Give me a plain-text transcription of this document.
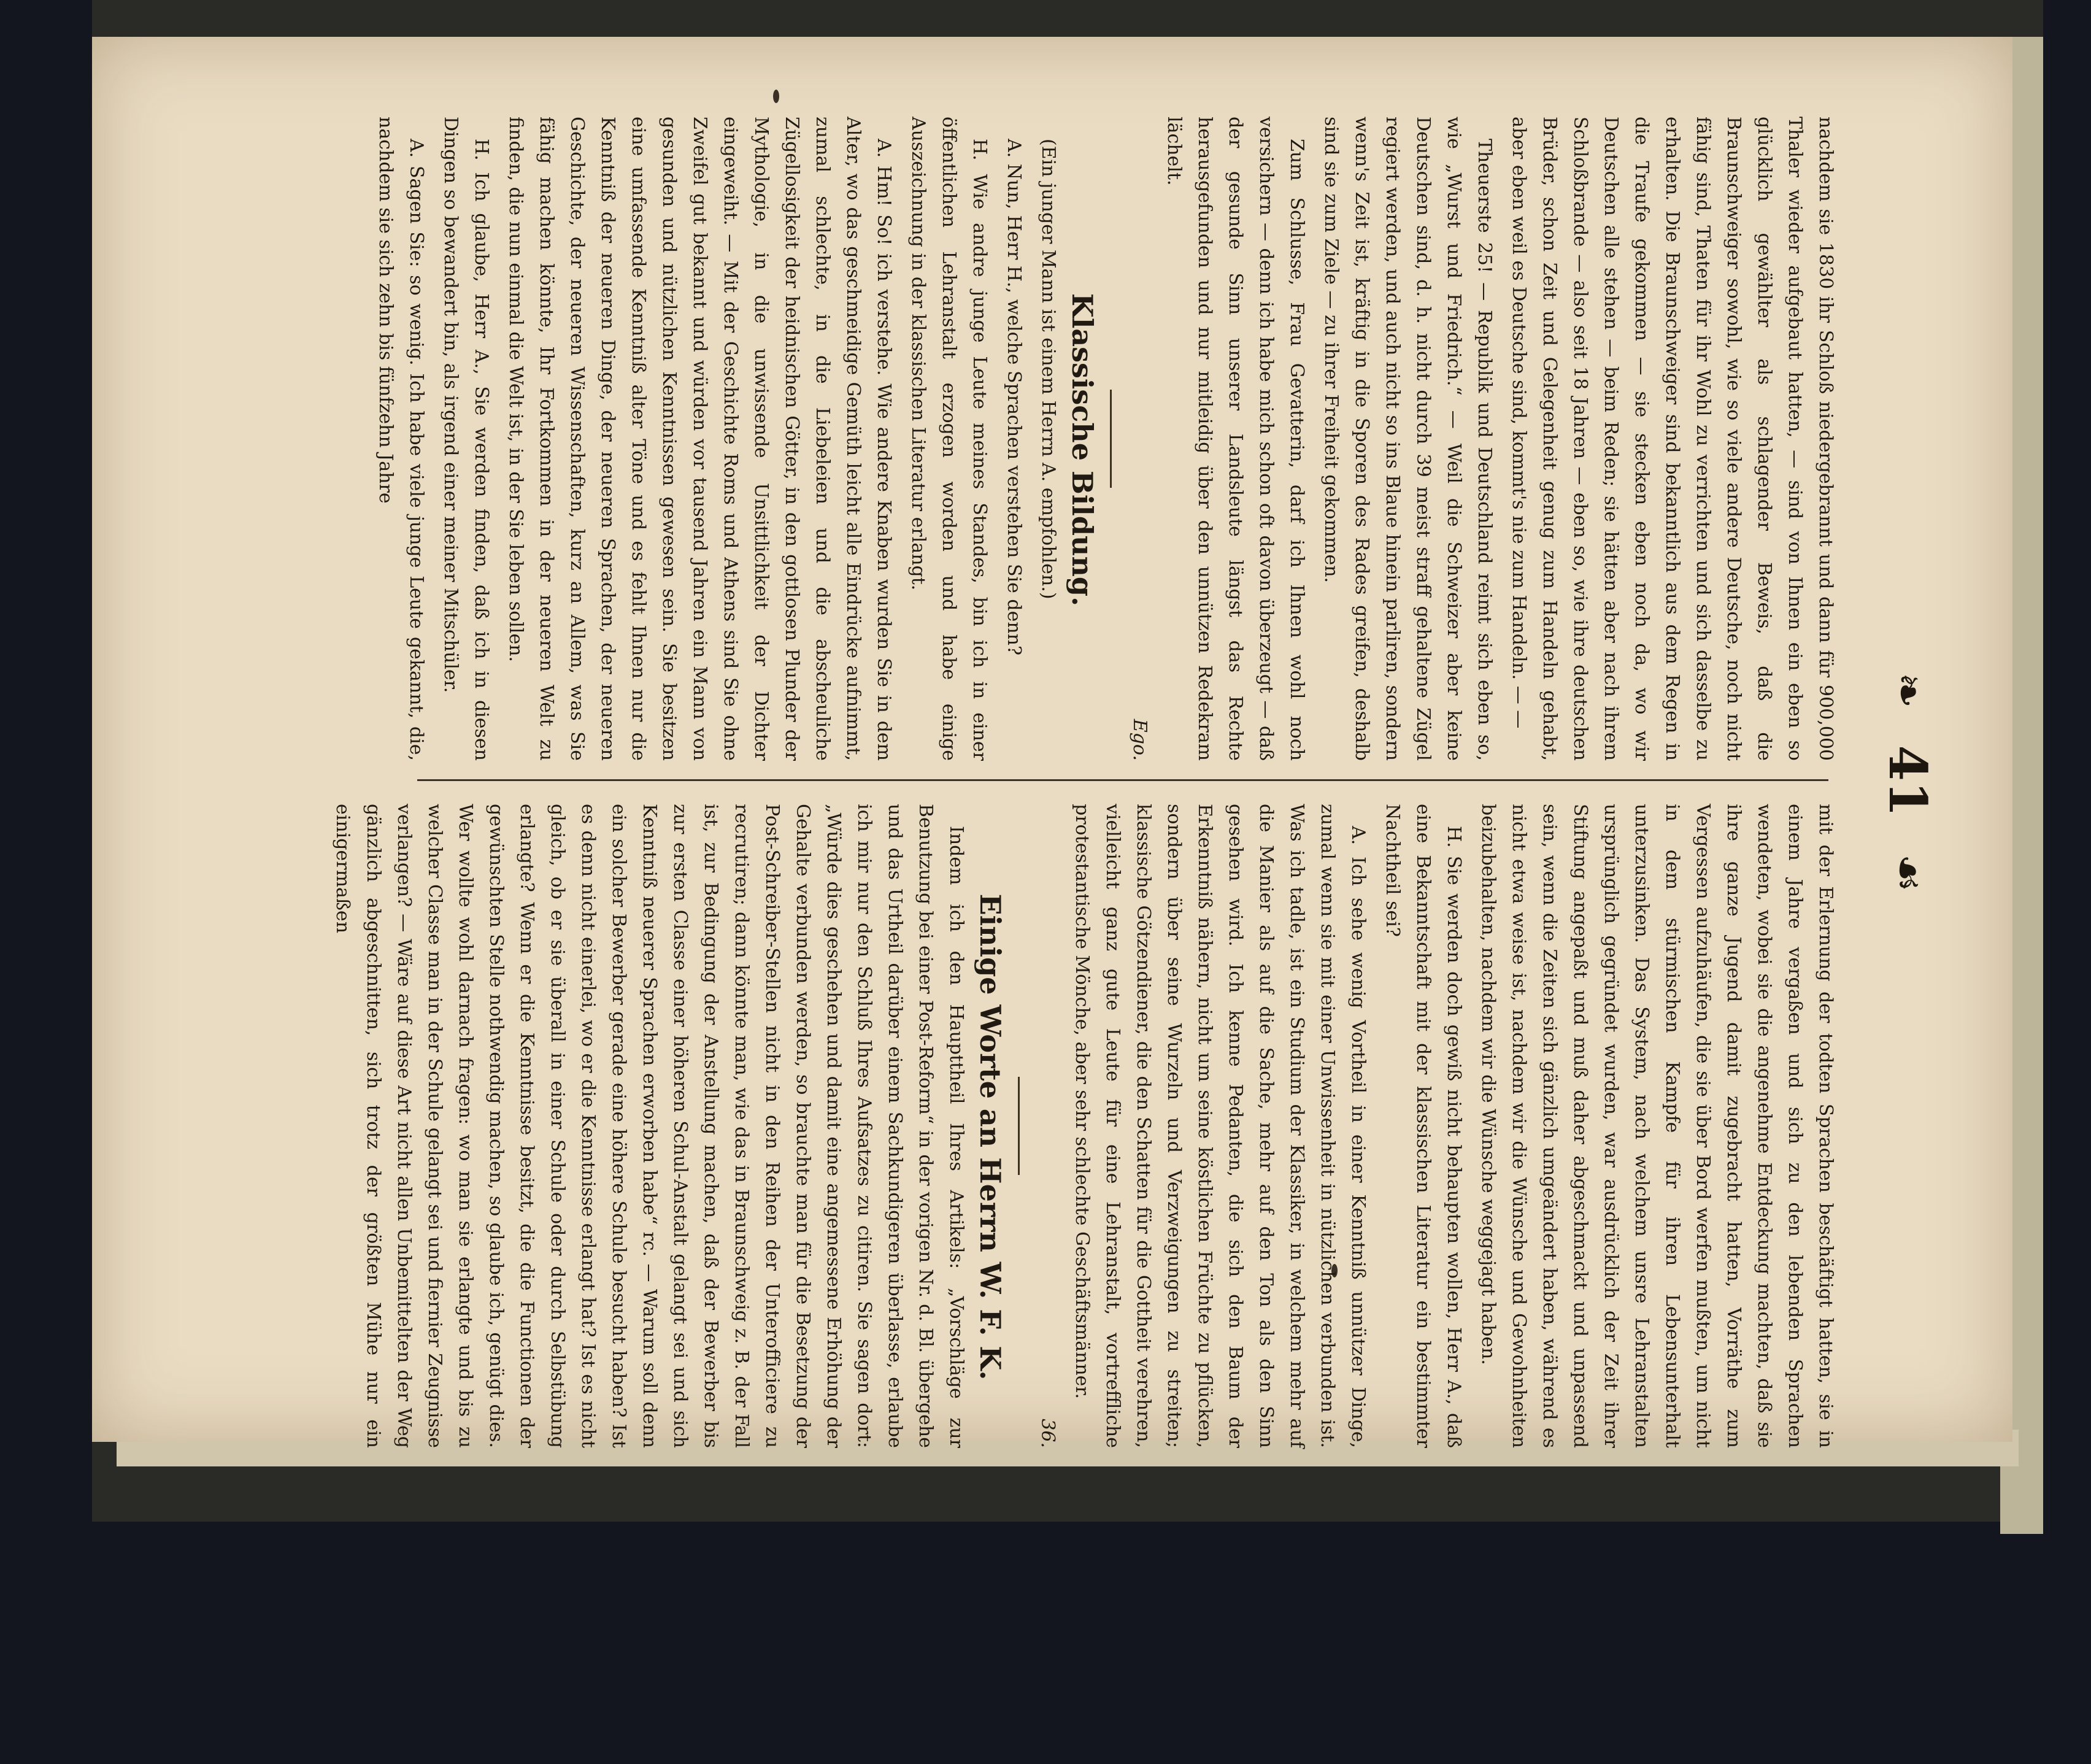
❧
41
☙

nachdem sie 1830 ihr Schloß niedergebrannt und dann für 900,000 Thaler wieder aufgebaut hatten, — sind von Ihnen ein eben so glücklich gewählter als schlagender Beweis, daß die Braunschweiger sowohl, wie so viele andere Deutsche, noch nicht fähig sind, Thaten für ihr Wohl zu verrichten und sich dasselbe zu erhalten. Die Braunschweiger sind bekanntlich aus dem Regen in die Traufe gekommen — sie stecken eben noch da, wo wir Deutschen alle stehen — beim Reden; sie hätten aber nach ihrem Schloßbrande — also seit 18 Jahren — eben so, wie ihre deutschen Brüder, schon Zeit und Gelegenheit genug zum Handeln gehabt, aber eben weil es Deutsche sind, kommt's nie zum Handeln. — —

Theuerste 25! — Republik und Deutschland reimt sich eben so, wie „Wurst und Friedrich.“ — Weil die Schweizer aber keine Deutschen sind, d. h. nicht durch 39 meist straff gehaltene Zügel regiert werden, und auch nicht so ins Blaue hinein parliren, sondern wenn's Zeit ist, kräftig in die Sporen des Rades greifen, deshalb sind sie zum Ziele — zu ihrer Freiheit gekommen.

Zum Schlusse, Frau Gevatterin, darf ich Ihnen wohl noch versichern — denn ich habe mich schon oft davon überzeugt — daß der gesunde Sinn unserer Landsleute längst das Rechte herausgefunden und nur mitleidig über den unnützen Redekram lächelt.

Ego.

Klassische Bildung.

(Ein junger Mann ist einem Herrn A. empfohlen.)

A. Nun, Herr H., welche Sprachen verstehen Sie denn?

H. Wie andre junge Leute meines Standes, bin ich in einer öffentlichen Lehranstalt erzogen worden und habe einige Auszeichnung in der klassischen Literatur erlangt.

A. Hm! So! ich verstehe. Wie andere Knaben wurden Sie in dem Alter, wo das geschmeidige Gemüth leicht alle Eindrücke aufnimmt, zumal schlechte, in die Liebeleien und die abscheuliche Zügellosigkeit der heidnischen Götter, in den gottlosen Plunder der Mythologie, in die unwissende Unsittlichkeit der Dichter eingeweiht. — Mit der Geschichte Roms und Athens sind Sie ohne Zweifel gut bekannt und würden vor tausend Jahren ein Mann von gesunden und nützlichen Kenntnissen gewesen sein. Sie besitzen eine umfassende Kenntniß alter Töne und es fehlt Ihnen nur die Kenntniß der neueren Dinge, der neueren Sprachen, der neueren Geschichte, der neueren Wissenschaften, kurz an Allem, was Sie fähig machen könnte, Ihr Fortkommen in der neueren Welt zu finden, die nun einmal die Welt ist, in der Sie leben sollen.

H. Ich glaube, Herr A., Sie werden finden, daß ich in diesen Dingen so bewandert bin, als irgend einer meiner Mitschüler.

A. Sagen Sie: so wenig. Ich habe viele junge Leute gekannt, die, nachdem sie sich zehn bis fünfzehn Jahre

mit der Erlernung der todten Sprachen beschäftigt hatten, sie in einem Jahre vergaßen und sich zu den lebenden Sprachen wendeten, wobei sie die angenehme Entdeckung machten, daß sie ihre ganze Jugend damit zugebracht hatten, Vorräthe zum Vergessen aufzuhäufen, die sie über Bord werfen mußten, um nicht in dem stürmischen Kampfe für ihren Lebensunterhalt unterzusinken. Das System, nach welchem unsre Lehranstalten ursprünglich gegründet wurden, war ausdrücklich der Zeit ihrer Stiftung angepaßt und muß daher abgeschmackt und unpassend sein, wenn die Zeiten sich gänzlich umgeändert haben, während es nicht etwa weise ist, nachdem wir die Wünsche und Gewohnheiten beizubehalten, nachdem wir die Wünsche weggejagt haben.

H. Sie werden doch gewiß nicht behaupten wollen, Herr A., daß eine Bekanntschaft mit der klassischen Literatur ein bestimmter Nachtheil sei?

A. Ich sehe wenig Vortheil in einer Kenntniß unnützer Dinge, zumal wenn sie mit einer Unwissenheit in nützlichen verbunden ist. Was ich tadle, ist ein Studium der Klassiker, in welchem mehr auf die Manier als auf die Sache, mehr auf den Ton als den Sinn gesehen wird. Ich kenne Pedanten, die sich den Baum der Erkenntniß nähern, nicht um seine köstlichen Früchte zu pflücken, sondern über seine Wurzeln und Verzweigungen zu streiten; klassische Götzendiener, die den Schatten für die Gottheit verehren, vielleicht ganz gute Leute für eine Lehranstalt, vortreffliche protestantische Mönche, aber sehr schlechte Geschäftsmänner.

36.

Einige Worte an Herrn W. F. K.

Indem ich den Haupttheil Ihres Artikels: „Vorschläge zur Benutzung bei einer Post-Reform“ in der vorigen Nr. d. Bl. übergehe und das Urtheil darüber einem Sachkundigeren überlasse, erlaube ich mir nur den Schluß Ihres Aufsatzes zu citiren. Sie sagen dort: „Würde dies geschehen und damit eine angemessene Erhöhung der Gehalte verbunden werden, so brauchte man für die Besetzung der Post-Schreiber-Stellen nicht in den Reihen der Unterofficiere zu recrutiren; dann könnte man, wie das in Braunschweig z. B. der Fall ist, zur Bedingung der Anstellung machen, daß der Bewerber bis zur ersten Classe einer höheren Schul-Anstalt gelangt sei und sich Kenntniß neuerer Sprachen erworben habe“ rc. — Warum soll denn ein solcher Bewerber gerade eine höhere Schule besucht haben? Ist es denn nicht einerlei, wo er die Kenntnisse erlangt hat? Ist es nicht gleich, ob er sie überall in einer Schule oder durch Selbstübung erlangte? Wenn er die Kenntnisse besitzt, die die Functionen der gewünschten Stelle nothwendig machen, so glaube ich, genügt dies. Wer wollte wohl darnach fragen: wo man sie erlangte und bis zu welcher Classe man in der Schule gelangt sei und fiernier Zeugnisse verlangen? — Wäre auf diese Art nicht allen Unbemittelten der Weg gänzlich abgeschnitten, sich trotz der größten Mühe nur ein einigermaßen
